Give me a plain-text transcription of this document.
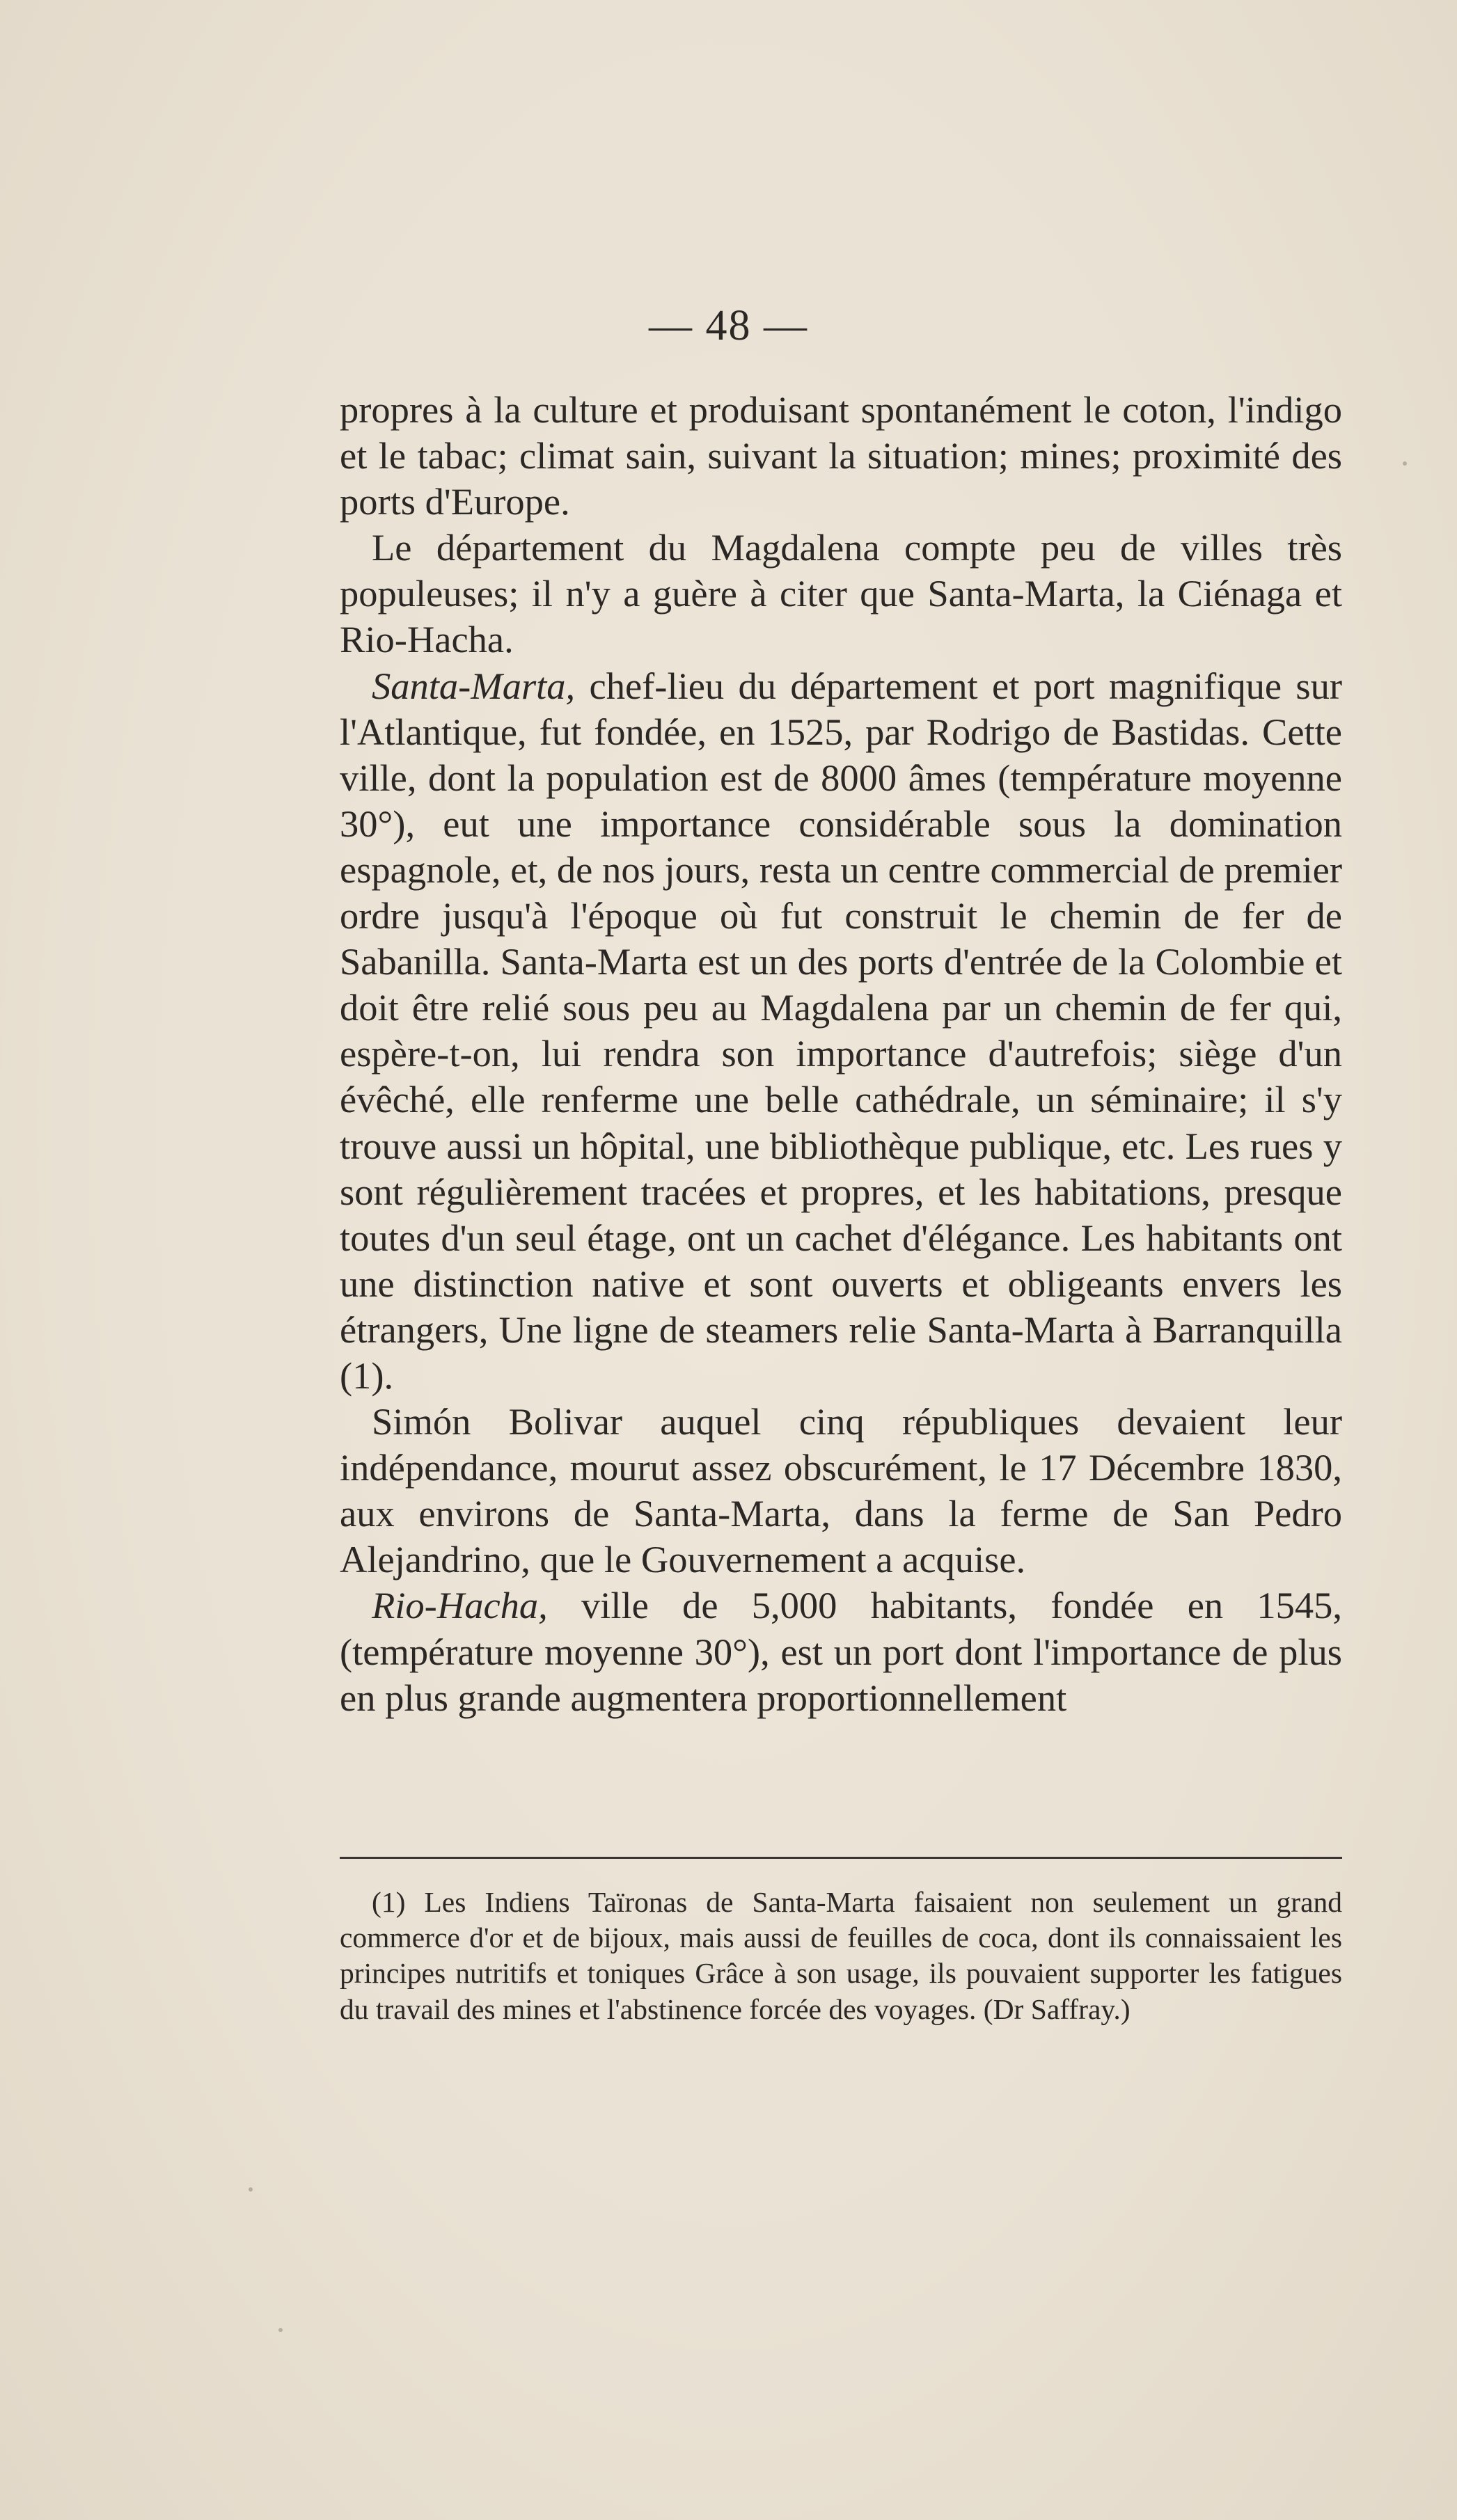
— 48 —

propres à la culture et produisant spontanément le coton, l'indigo et le tabac; climat sain, suivant la situation; mines; proximité des ports d'Europe.

Le département du Magdalena compte peu de villes très populeuses; il n'y a guère à citer que Santa-Marta, la Ciénaga et Rio-Hacha.

Santa-Marta, chef-lieu du département et port magnifique sur l'Atlantique, fut fondée, en 1525, par Rodrigo de Bastidas. Cette ville, dont la population est de 8000 âmes (température moyenne 30°), eut une importance considérable sous la domination espagnole, et, de nos jours, resta un centre commercial de premier ordre jusqu'à l'époque où fut construit le chemin de fer de Sabanilla. Santa-Marta est un des ports d'entrée de la Colombie et doit être relié sous peu au Magdalena par un chemin de fer qui, espère-t-on, lui rendra son importance d'autrefois; siège d'un évêché, elle renferme une belle cathédrale, un séminaire; il s'y trouve aussi un hôpital, une bibliothèque publique, etc. Les rues y sont régulièrement tracées et propres, et les habitations, presque toutes d'un seul étage, ont un cachet d'élégance. Les habitants ont une distinction native et sont ouverts et obligeants envers les étrangers, Une ligne de steamers relie Santa-Marta à Barranquilla (1).

Simón Bolivar auquel cinq républiques devaient leur indépendance, mourut assez obscurément, le 17 Décembre 1830, aux environs de Santa-Marta, dans la ferme de San Pedro Alejandrino, que le Gouvernement a acquise.

Rio-Hacha, ville de 5,000 habitants, fondée en 1545, (température moyenne 30°), est un port dont l'importance de plus en plus grande augmentera proportionnellement

(1) Les Indiens Taïronas de Santa-Marta faisaient non seulement un grand commerce d'or et de bijoux, mais aussi de feuilles de coca, dont ils connaissaient les principes nutritifs et toniques Grâce à son usage, ils pouvaient supporter les fatigues du travail des mines et l'abstinence forcée des voyages. (Dr Saffray.)
